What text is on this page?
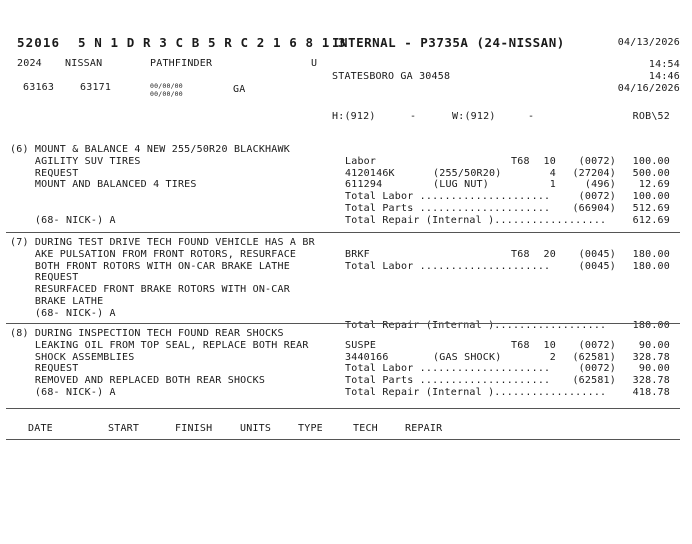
52016 5 N 1 D R 3 C B 5 R C 2 1 6 8 1 3
INTERNAL - P3735A (24-NISSAN)	04/13/2026
2024 NISSAN	PATHFINDER	U	14:54
STATESBORO GA 30458	14:46
04/16/2026
63163	63171	00/00/00
00/00/00	GA
H:(912)	-	W:(912)	-	ROB\52
(6) MOUNT & BALANCE 4 NEW 255/50R20 BLACKHAWK
AGILITY SUV TIRES
REQUEST
MOUNT AND BALANCED 4 TIRES
(68- NICK-) A
Labor	T68 10 (0072) 100.00
4120146K	(255/50R20)	4 (27204) 500.00
611294	(LUG NUT)	1	(496) 12.69
Total Labor .....................	(0072) 100.00
Total Parts ..................... (66904) 512.69
Total Repair (Internal )..................	612.69
(7) DURING TEST DRIVE TECH FOUND VEHICLE HAS A BR
AKE PULSATION FROM FRONT ROTORS, RESURFACE
BOTH FRONT ROTORS WITH ON-CAR BRAKE LATHE
REQUEST
RESURFACED FRONT BRAKE ROTORS WITH ON-CAR
BRAKE LATHE
(68- NICK-) A
BRKF	T68 20 (0045) 180.00
Total Labor .....................	(0045) 180.00
Total Repair (Internal )..................	180.00
(8) DURING INSPECTION TECH FOUND REAR SHOCKS
LEAKING OIL FROM TOP SEAL, REPLACE BOTH REAR
SHOCK ASSEMBLIES
REQUEST
REMOVED AND REPLACED BOTH REAR SHOCKS
(68- NICK-) A
SUSPE	T68 10 (0072) 90.00
3440166	(GAS SHOCK)	2 (62581) 328.78
Total Labor .....................	(0072) 90.00
Total Parts ..................... (62581) 328.78
Total Repair (Internal )..................	418.78
DATE	START	FINISH	UNITS	TYPE	TECH	REPAIR
